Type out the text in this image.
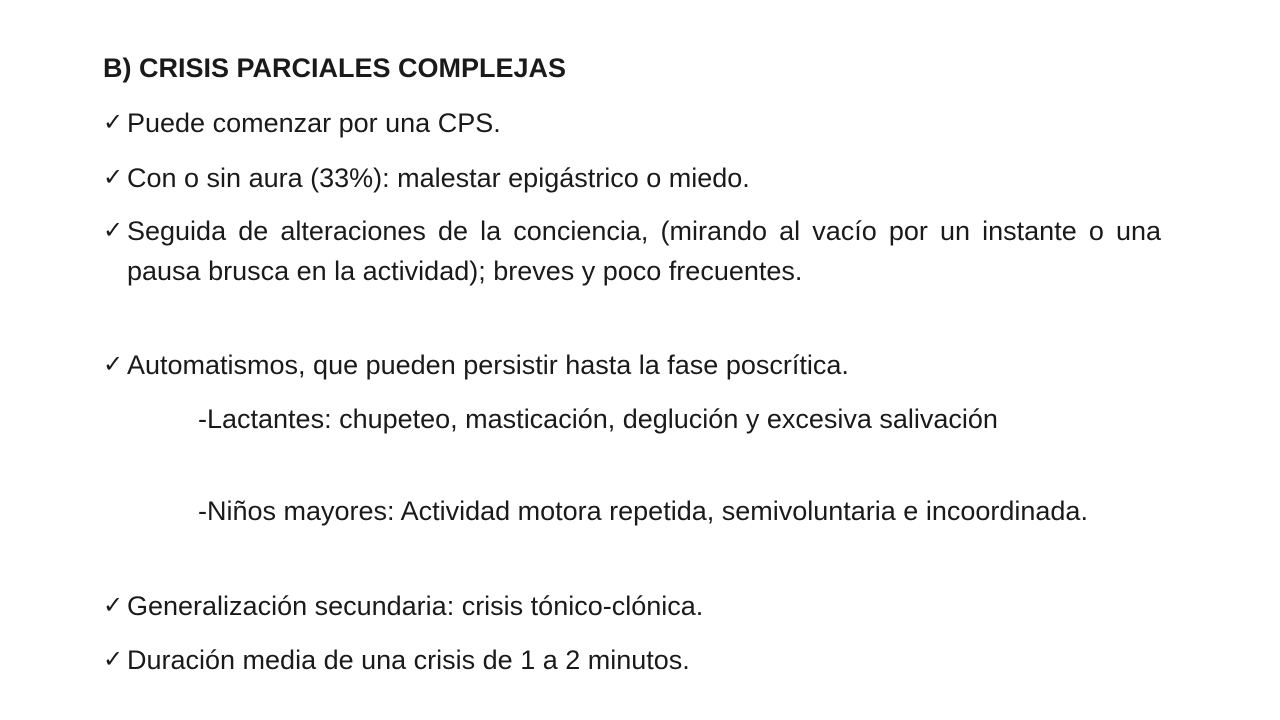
B) CRISIS PARCIALES COMPLEJAS
✓ Puede comenzar por una CPS.
✓ Con o sin aura (33%): malestar epigástrico o miedo.
✓ Seguida de alteraciones de la conciencia, (mirando al vacío por un instante o una pausa brusca en la actividad); breves y poco frecuentes.
✓ Automatismos, que pueden persistir hasta la fase poscrítica.
-Lactantes: chupeteo, masticación, deglución y excesiva salivación
-Niños mayores: Actividad motora repetida, semivoluntaria e incoordinada.
✓ Generalización secundaria: crisis tónico-clónica.
✓ Duración media de una crisis de 1 a 2 minutos.
